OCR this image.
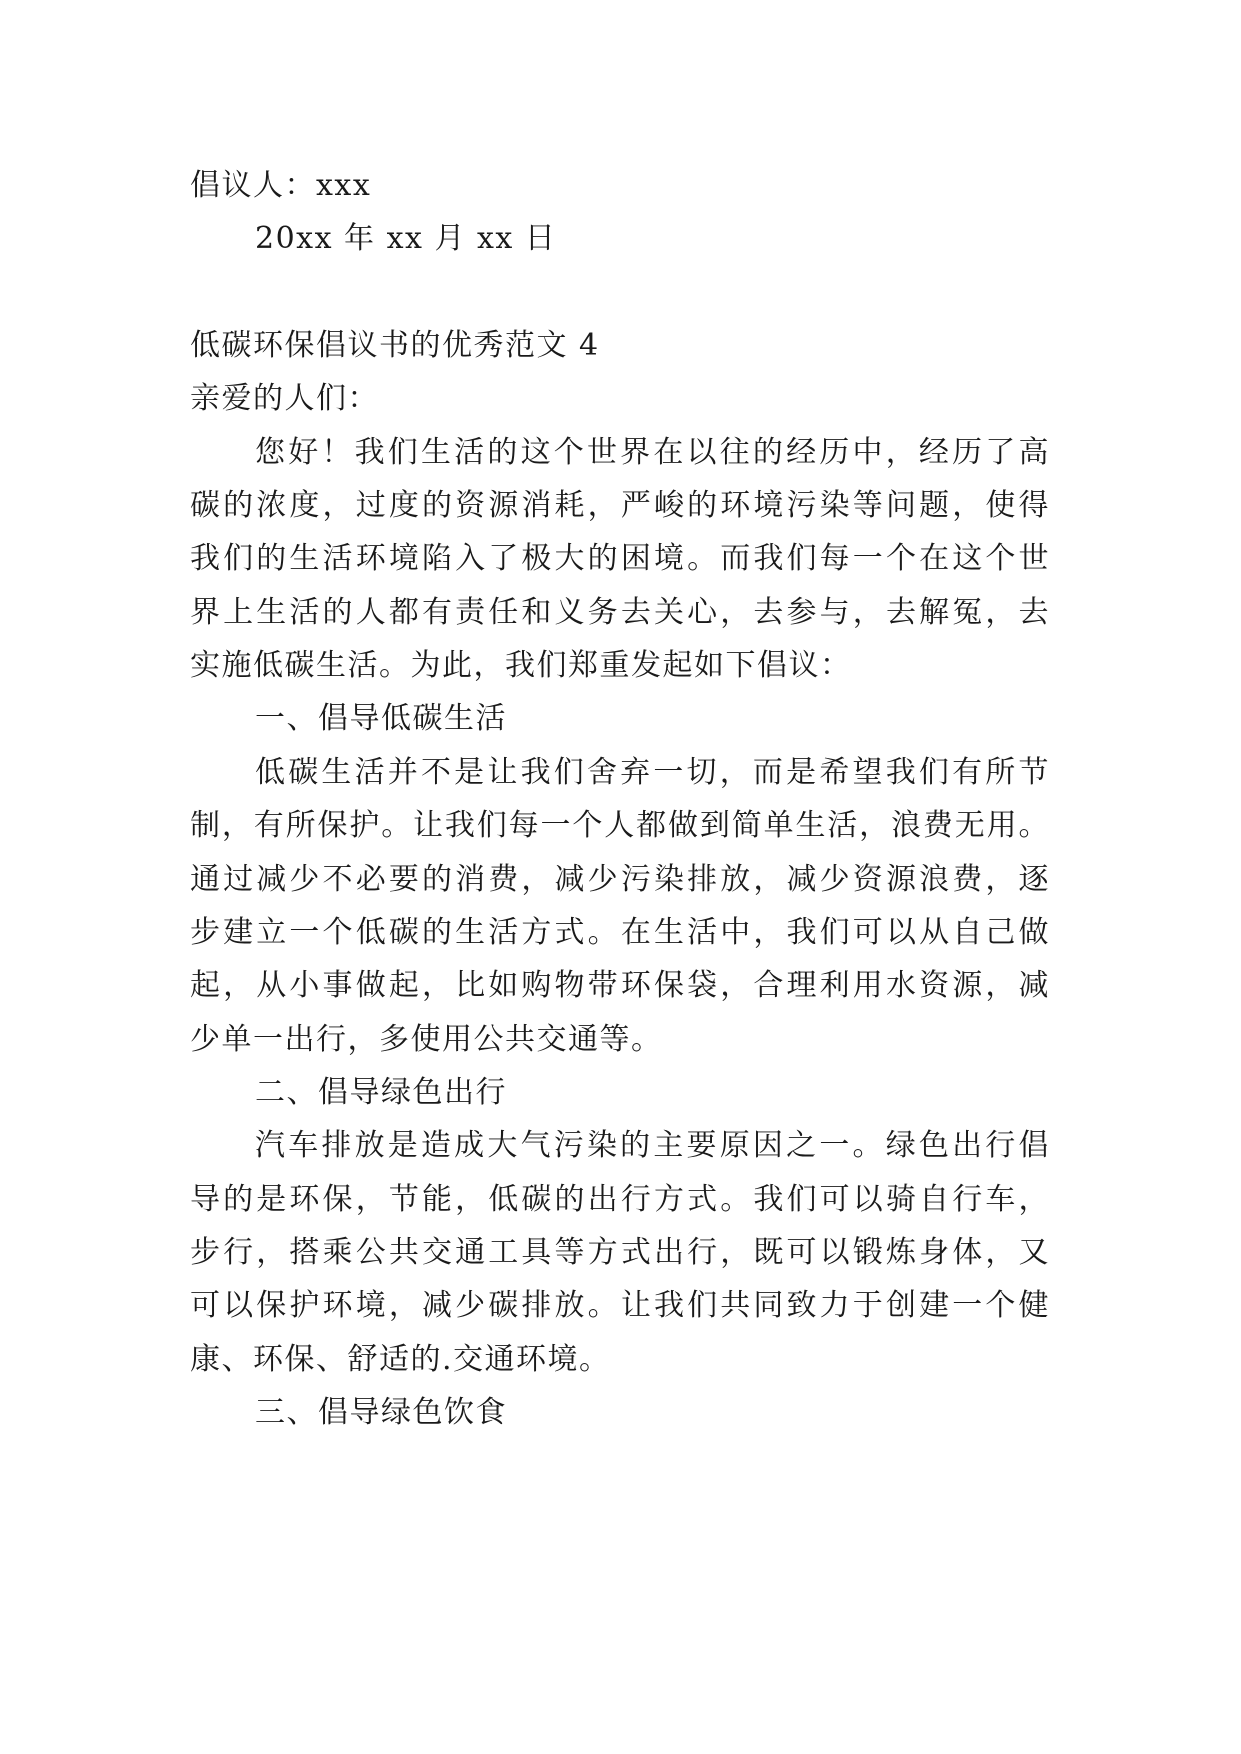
倡议人：xxx
20xx 年 xx 月 xx 日
低碳环保倡议书的优秀范文 4
亲爱的人们：
您好！我们生活的这个世界在以往的经历中，经历了高
碳的浓度，过度的资源消耗，严峻的环境污染等问题，使得
我们的生活环境陷入了极大的困境。而我们每一个在这个世
界上生活的人都有责任和义务去关心，去参与，去解冤，去
实施低碳生活。为此，我们郑重发起如下倡议：
一、倡导低碳生活
低碳生活并不是让我们舍弃一切，而是希望我们有所节
制，有所保护。让我们每一个人都做到简单生活，浪费无用。
通过减少不必要的消费，减少污染排放，减少资源浪费，逐
步建立一个低碳的生活方式。在生活中，我们可以从自己做
起，从小事做起，比如购物带环保袋，合理利用水资源，减
少单一出行，多使用公共交通等。
二、倡导绿色出行
汽车排放是造成大气污染的主要原因之一。绿色出行倡
导的是环保，节能，低碳的出行方式。我们可以骑自行车，
步行，搭乘公共交通工具等方式出行，既可以锻炼身体，又
可以保护环境，减少碳排放。让我们共同致力于创建一个健
康、环保、舒适的.交通环境。
三、倡导绿色饮食
